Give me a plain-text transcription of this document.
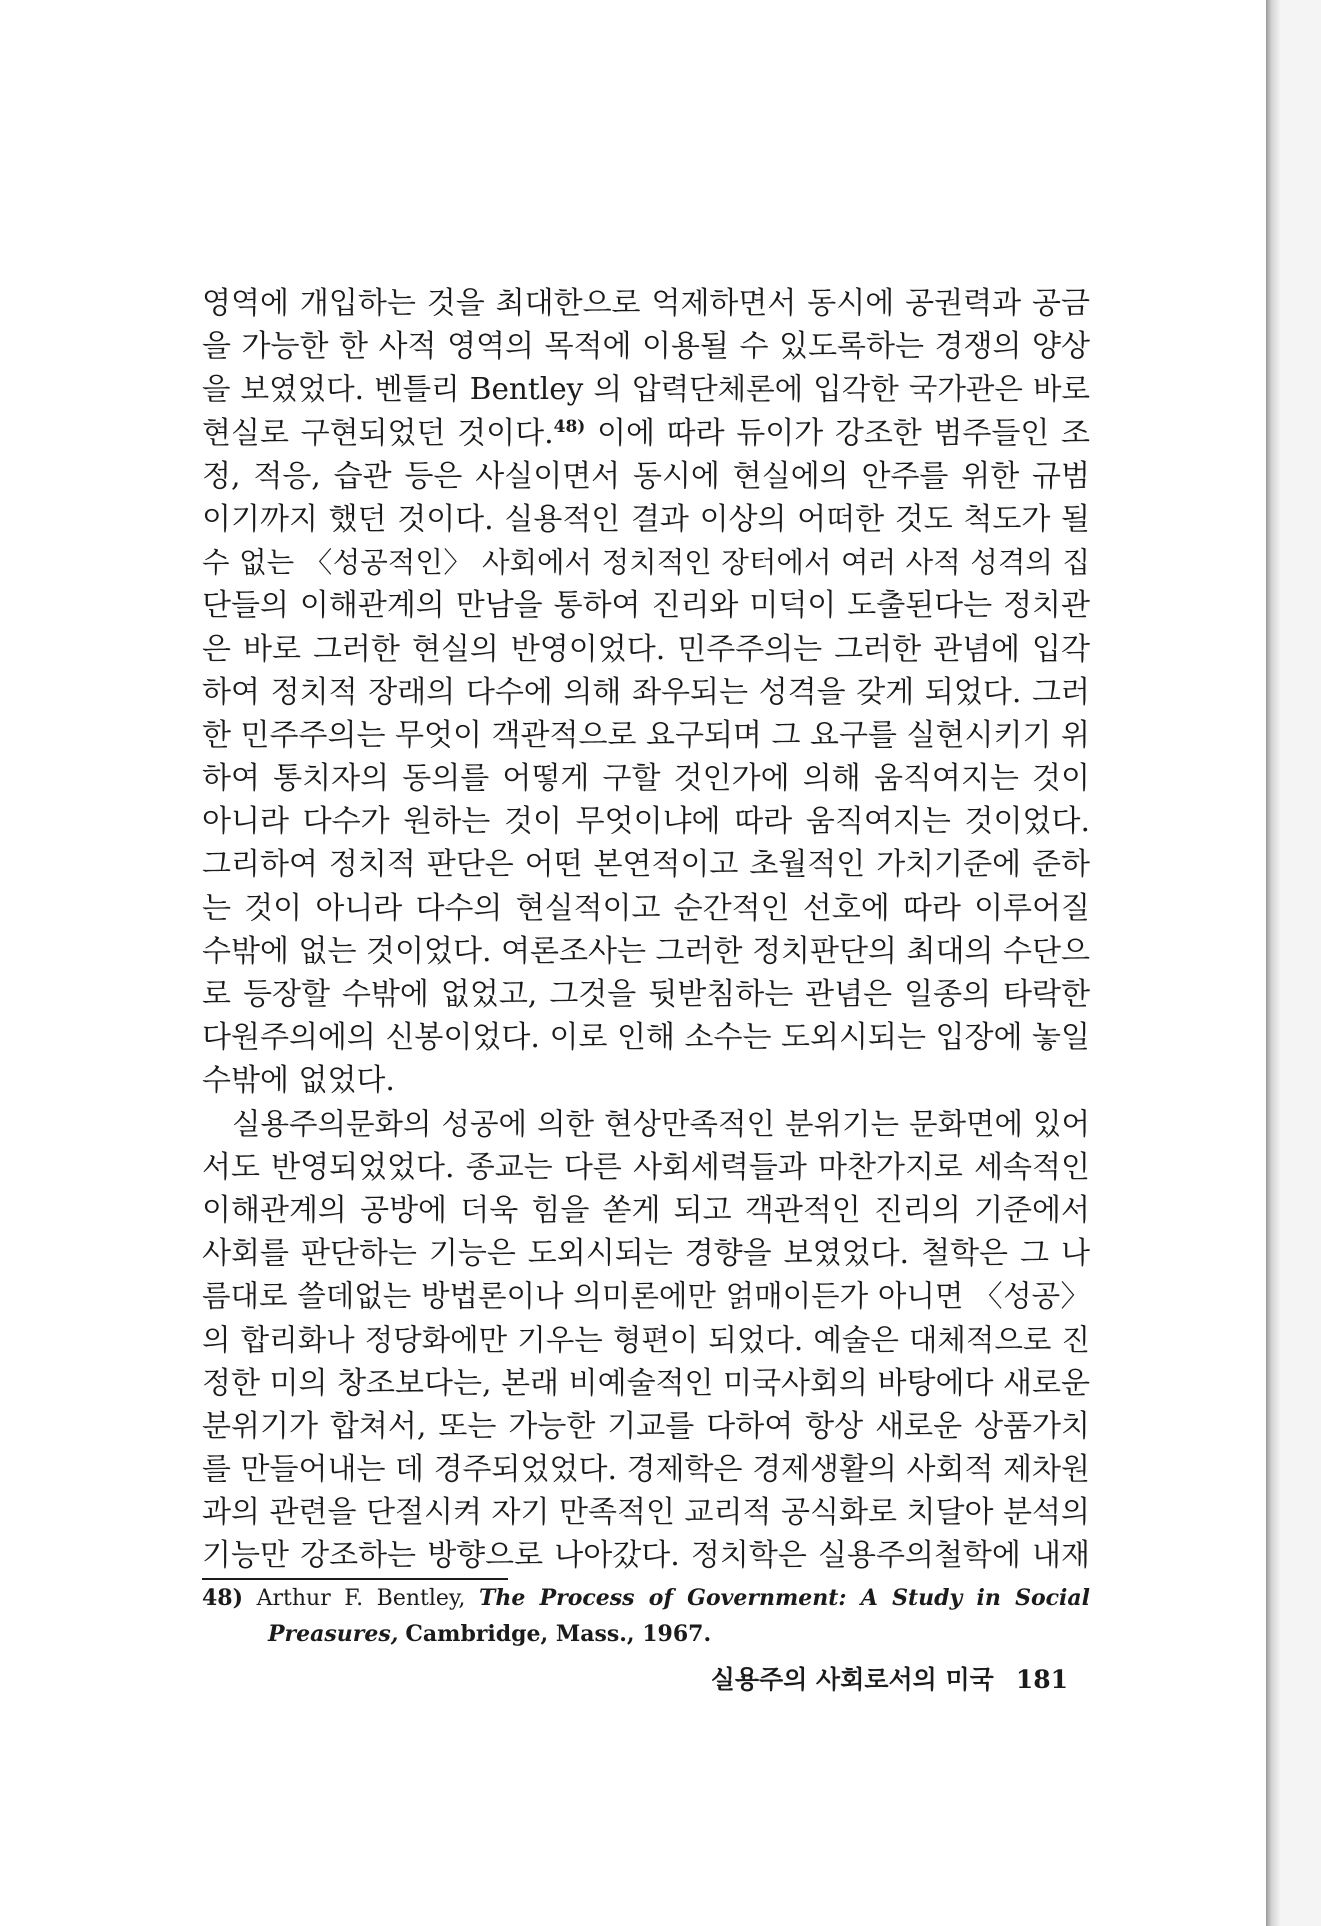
영역에 개입하는 것을 최대한으로 억제하면서 동시에 공권력과 공금
을 가능한 한 사적 영역의 목적에 이용될 수 있도록하는 경쟁의 양상
을 보였었다. 벤틀리 Bentley 의 압력단체론에 입각한 국가관은 바로
현실로 구현되었던 것이다.$^{48)}$ 이에 따라 듀이가 강조한 범주들인 조
정, 적응, 습관 등은 사실이면서 동시에 현실에의 안주를 위한 규범
이기까지 했던 것이다. 실용적인 결과 이상의 어떠한 것도 척도가 될
수 없는 〈성공적인〉 사회에서 정치적인 장터에서 여러 사적 성격의 집
단들의 이해관계의 만남을 통하여 진리와 미덕이 도출된다는 정치관
은 바로 그러한 현실의 반영이었다. 민주주의는 그러한 관념에 입각
하여 정치적 장래의 다수에 의해 좌우되는 성격을 갖게 되었다. 그러
한 민주주의는 무엇이 객관적으로 요구되며 그 요구를 실현시키기 위
하여 통치자의 동의를 어떻게 구할 것인가에 의해 움직여지는 것이
아니라 다수가 원하는 것이 무엇이냐에 따라 움직여지는 것이었다.
그리하여 정치적 판단은 어떤 본연적이고 초월적인 가치기준에 준하
는 것이 아니라 다수의 현실적이고 순간적인 선호에 따라 이루어질
수밖에 없는 것이었다. 여론조사는 그러한 정치판단의 최대의 수단으
로 등장할 수밖에 없었고, 그것을 뒷받침하는 관념은 일종의 타락한
다원주의에의 신봉이었다. 이로 인해 소수는 도외시되는 입장에 놓일
수밖에 없었다.
실용주의문화의 성공에 의한 현상만족적인 분위기는 문화면에 있어
서도 반영되었었다. 종교는 다른 사회세력들과 마찬가지로 세속적인
이해관계의 공방에 더욱 힘을 쏟게 되고 객관적인 진리의 기준에서
사회를 판단하는 기능은 도외시되는 경향을 보였었다. 철학은 그 나
름대로 쓸데없는 방법론이나 의미론에만 얽매이든가 아니면 〈성공〉
의 합리화나 정당화에만 기우는 형편이 되었다. 예술은 대체적으로 진
정한 미의 창조보다는, 본래 비예술적인 미국사회의 바탕에다 새로운
분위기가 합쳐서, 또는 가능한 기교를 다하여 항상 새로운 상품가치
를 만들어내는 데 경주되었었다. 경제학은 경제생활의 사회적 제차원
과의 관련을 단절시켜 자기 만족적인 교리적 공식화로 치달아 분석의
기능만 강조하는 방향으로 나아갔다. 정치학은 실용주의철학에 내재
48) Arthur F. Bentley, The Process of Government: A Study in Social
Preasures, Cambridge, Mass., 1967.
실용주의 사회로서의 미국 181
